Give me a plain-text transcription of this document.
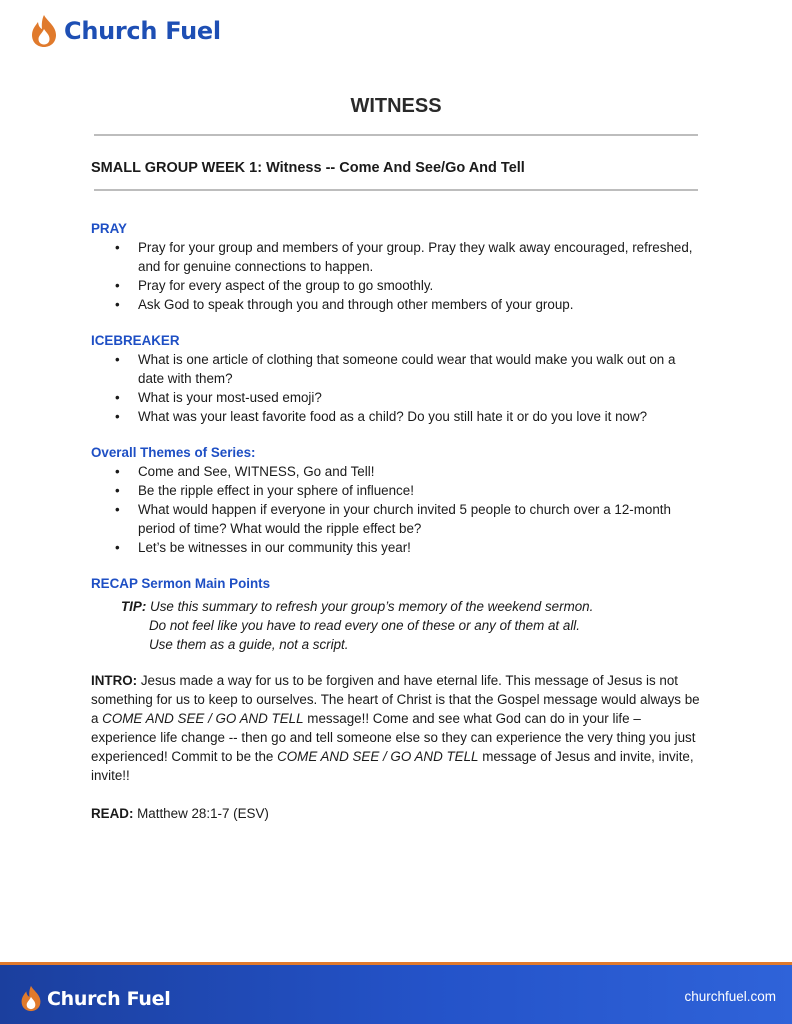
Church Fuel
WITNESS
SMALL GROUP WEEK 1: Witness -- Come And See/Go And Tell
PRAY
• Pray for your group and members of your group. Pray they walk away encouraged, refreshed, and for genuine connections to happen.
• Pray for every aspect of the group to go smoothly.
• Ask God to speak through you and through other members of your group.
ICEBREAKER
• What is one article of clothing that someone could wear that would make you walk out on a date with them?
• What is your most-used emoji?
• What was your least favorite food as a child? Do you still hate it or do you love it now?
Overall Themes of Series:
• Come and See, WITNESS, Go and Tell!
• Be the ripple effect in your sphere of influence!
• What would happen if everyone in your church invited 5 people to church over a 12-month period of time? What would the ripple effect be?
• Let’s be witnesses in our community this year!
RECAP Sermon Main Points
TIP: Use this summary to refresh your group’s memory of the weekend sermon. Do not feel like you have to read every one of these or any of them at all. Use them as a guide, not a script.

INTRO: Jesus made a way for us to be forgiven and have eternal life. This message of Jesus is not something for us to keep to ourselves. The heart of Christ is that the Gospel message would always be a COME AND SEE / GO AND TELL message!! Come and see what God can do in your life – experience life change -- then go and tell someone else so they can experience the very thing you just experienced! Commit to be the COME AND SEE / GO AND TELL message of Jesus and invite, invite, invite!!

READ: Matthew 28:1-7 (ESV)

Church Fuel	churchfuel.com
